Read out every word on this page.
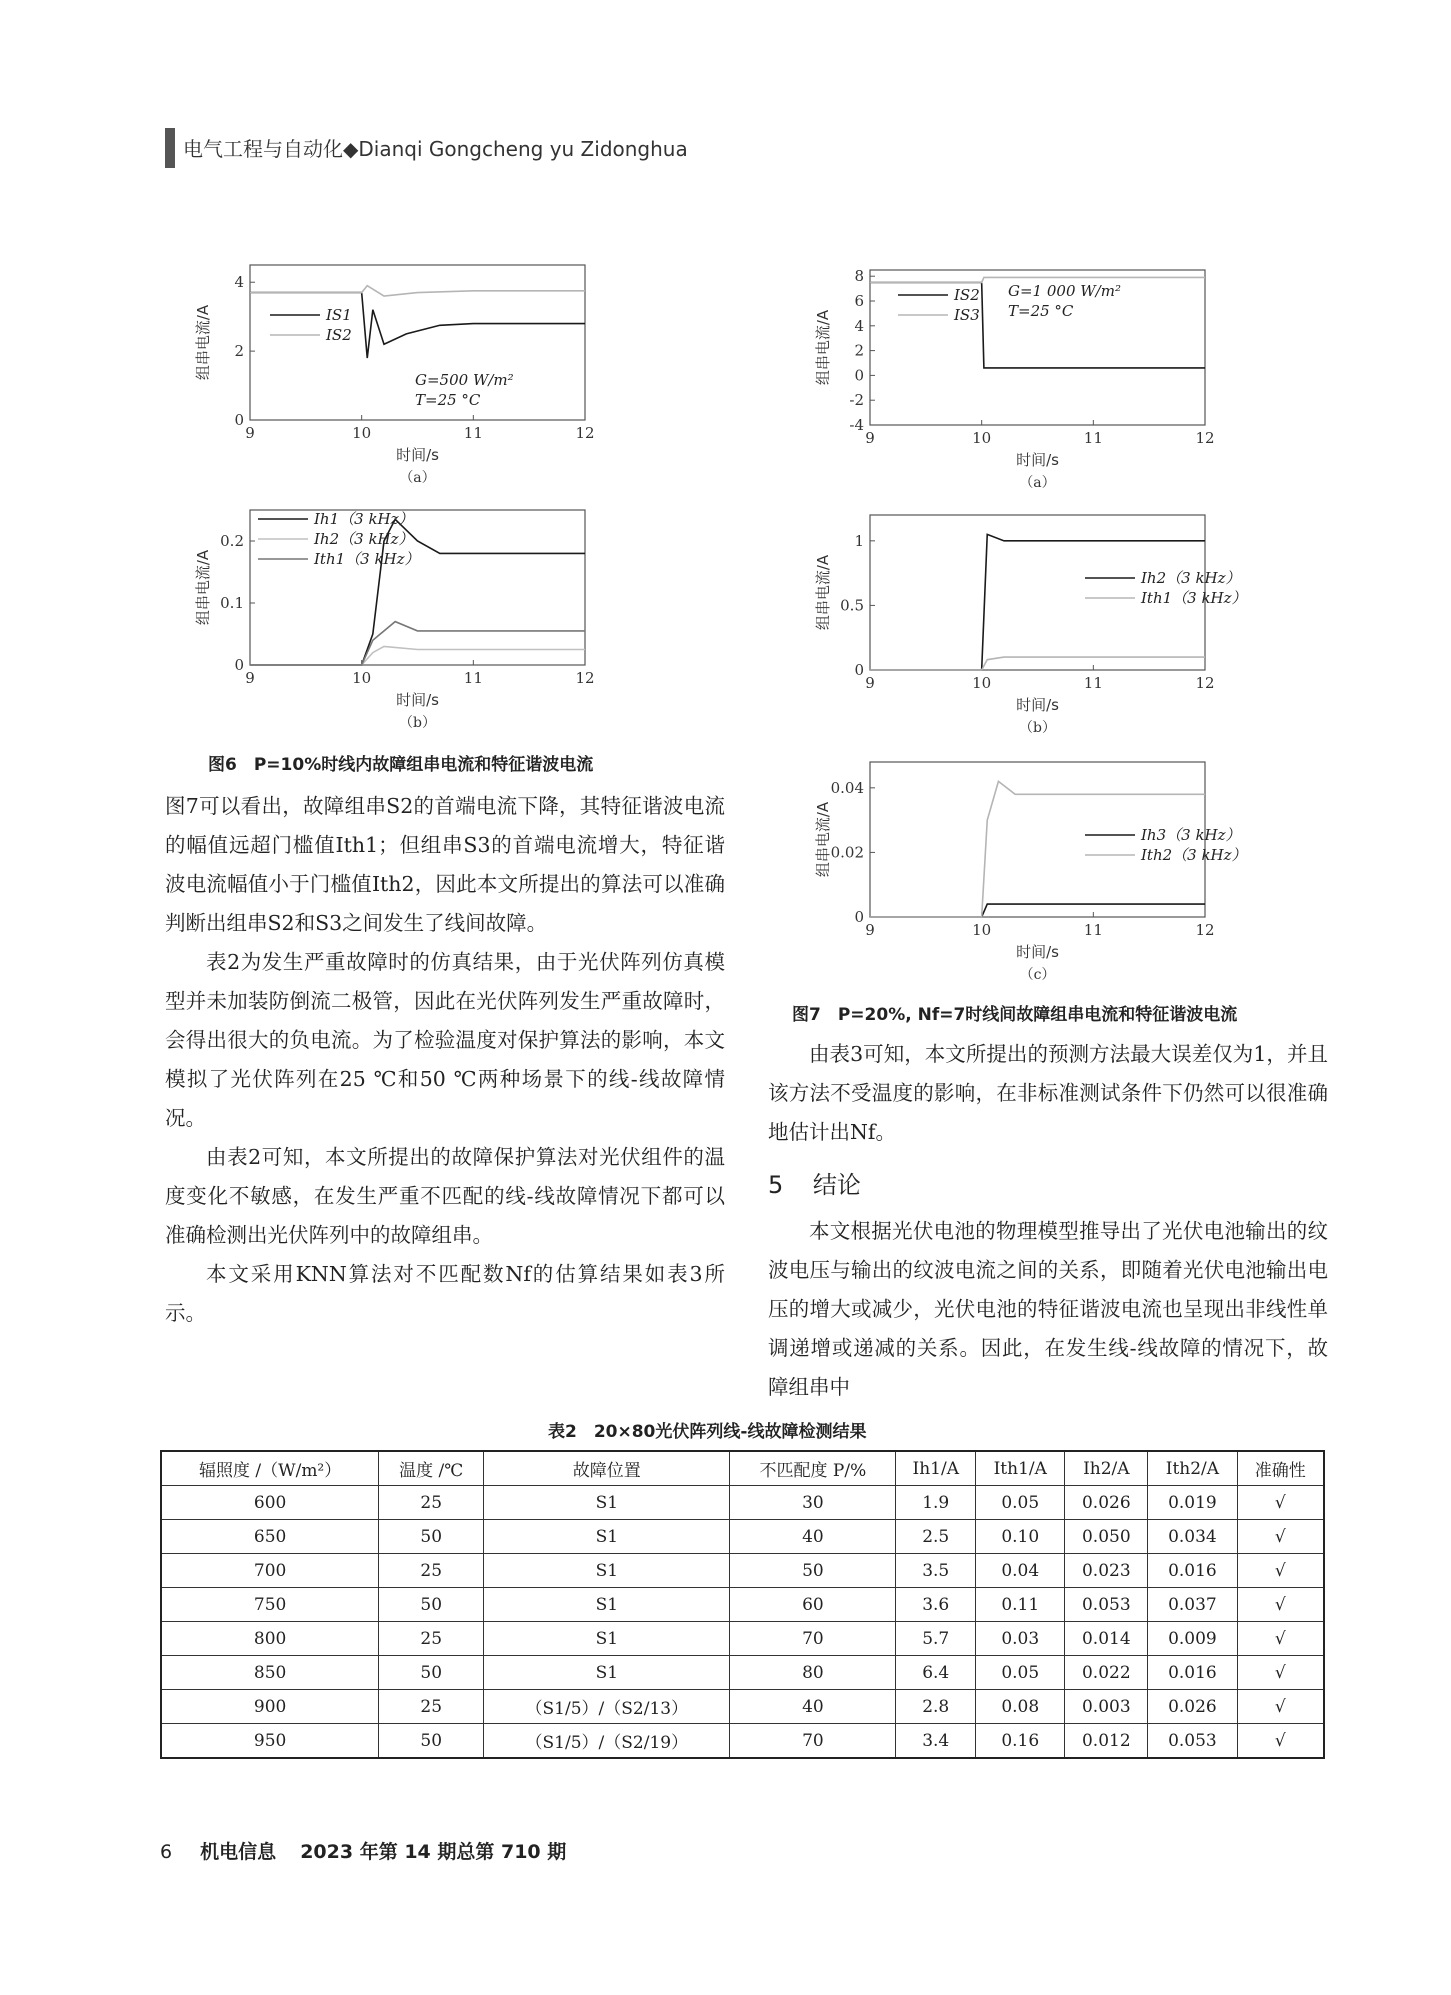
电气工程与自动化◆Dianqi Gongcheng yu Zidonghua
9	10	11	12
0
2
4
时间/s
组串电流/A
（a）
IS1
IS2
G=500 W/m²
T=25 °C
9	10	11	12
0
0.1
0.2
时间/s
组串电流/A
（b）
Ih1（3 kHz）
Ih2（3 kHz）
Ith1（3 kHz）
图6　P=10%时线内故障组串电流和特征谐波电流
9	10	11	12
-4
-2
0
2
4
6
8
时间/s
组串电流/A
（a）
IS2
IS3
G=1 000 W/m²
T=25 °C
9	10	11	12
0
0.5
1
时间/s
组串电流/A
（b）
Ih2（3 kHz）
Ith1（3 kHz）
9	10	11	12
0
0.02
0.04
时间/s
组串电流/A
（c）
Ih3（3 kHz）
Ith2（3 kHz）
图7　P=20%, Nf=7时线间故障组串电流和特征谐波电流

图7可以看出，故障组串S2的首端电流下降，其特征谐波电流的幅值远超门槛值Ith1；但组串S3的首端电流增大，特征谐波电流幅值小于门槛值Ith2，因此本文所提出的算法可以准确判断出组串S2和S3之间发生了线间故障。

表2为发生严重故障时的仿真结果，由于光伏阵列仿真模型并未加装防倒流二极管，因此在光伏阵列发生严重故障时，会得出很大的负电流。为了检验温度对保护算法的影响，本文模拟了光伏阵列在25 ℃和50 ℃两种场景下的线-线故障情况。

由表2可知，本文所提出的故障保护算法对光伏组件的温度变化不敏感，在发生严重不匹配的线-线故障情况下都可以准确检测出光伏阵列中的故障组串。

本文采用KNN算法对不匹配数Nf的估算结果如表3所示。

由表3可知，本文所提出的预测方法最大误差仅为1，并且该方法不受温度的影响，在非标准测试条件下仍然可以很准确地估计出Nf。

5 结论

本文根据光伏电池的物理模型推导出了光伏电池输出的纹波电压与输出的纹波电流之间的关系，即随着光伏电池输出电压的增大或减少，光伏电池的特征谐波电流也呈现出非线性单调递增或递减的关系。因此，在发生线-线故障的情况下，故障组串中

表2　20×80光伏阵列线-线故障检测结果
辐照度 /（W/m²）	温度 /℃	故障位置	不匹配度 P/%	Ih1/A	Ith1/A	Ih2/A	Ith2/A	准确性
600	25	S1	30	1.9	0.05	0.026	0.019	√
650	50	S1	40	2.5	0.10	0.050	0.034	√
700	25	S1	50	3.5	0.04	0.023	0.016	√
750	50	S1	60	3.6	0.11	0.053	0.037	√
800	25	S1	70	5.7	0.03	0.014	0.009	√
850	50	S1	80	6.4	0.05	0.022	0.016	√
900	25	（S1/5）/（S2/13）	40	2.8	0.08	0.003	0.026	√
950	50	（S1/5）/（S2/19）	70	3.4	0.16	0.012	0.053	√
6 机电信息 2023 年第 14 期总第 710 期
